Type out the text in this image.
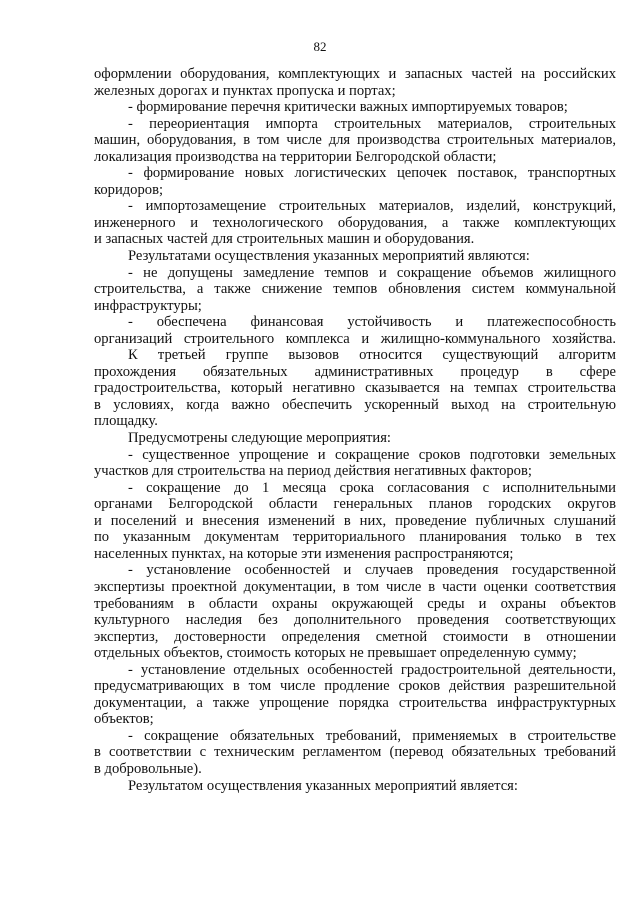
82
оформлении оборудования, комплектующих и запасных частей на российских
железных дорогах и пунктах пропуска и портах;
- формирование перечня критически важных импортируемых товаров;
- переориентация импорта строительных материалов, строительных
машин, оборудования, в том числе для производства строительных материалов,
локализация производства на территории Белгородской области;
- формирование новых логистических цепочек поставок, транспортных
коридоров;
- импортозамещение строительных материалов, изделий, конструкций,
инженерного и технологического оборудования, а также комплектующих
и запасных частей для строительных машин и оборудования.
Результатами осуществления указанных мероприятий являются:
- не допущены замедление темпов и сокращение объемов жилищного
строительства, а также снижение темпов обновления систем коммунальной
инфраструктуры;
- обеспечена финансовая устойчивость и платежеспособность
организаций строительного комплекса и жилищно-коммунального хозяйства.
К третьей группе вызовов относится существующий алгоритм
прохождения обязательных административных процедур в сфере
градостроительства, который негативно сказывается на темпах строительства
в условиях, когда важно обеспечить ускоренный выход на строительную
площадку.
Предусмотрены следующие мероприятия:
- существенное упрощение и сокращение сроков подготовки земельных
участков для строительства на период действия негативных факторов;
- сокращение до 1 месяца срока согласования с исполнительными
органами Белгородской области генеральных планов городских округов
и поселений и внесения изменений в них, проведение публичных слушаний
по указанным документам территориального планирования только в тех
населенных пунктах, на которые эти изменения распространяются;
- установление особенностей и случаев проведения государственной
экспертизы проектной документации, в том числе в части оценки соответствия
требованиям в области охраны окружающей среды и охраны объектов
культурного наследия без дополнительного проведения соответствующих
экспертиз, достоверности определения сметной стоимости в отношении
отдельных объектов, стоимость которых не превышает определенную сумму;
- установление отдельных особенностей градостроительной деятельности,
предусматривающих в том числе продление сроков действия разрешительной
документации, а также упрощение порядка строительства инфраструктурных
объектов;
- сокращение обязательных требований, применяемых в строительстве
в соответствии с техническим регламентом (перевод обязательных требований
в добровольные).
Результатом осуществления указанных мероприятий является:
